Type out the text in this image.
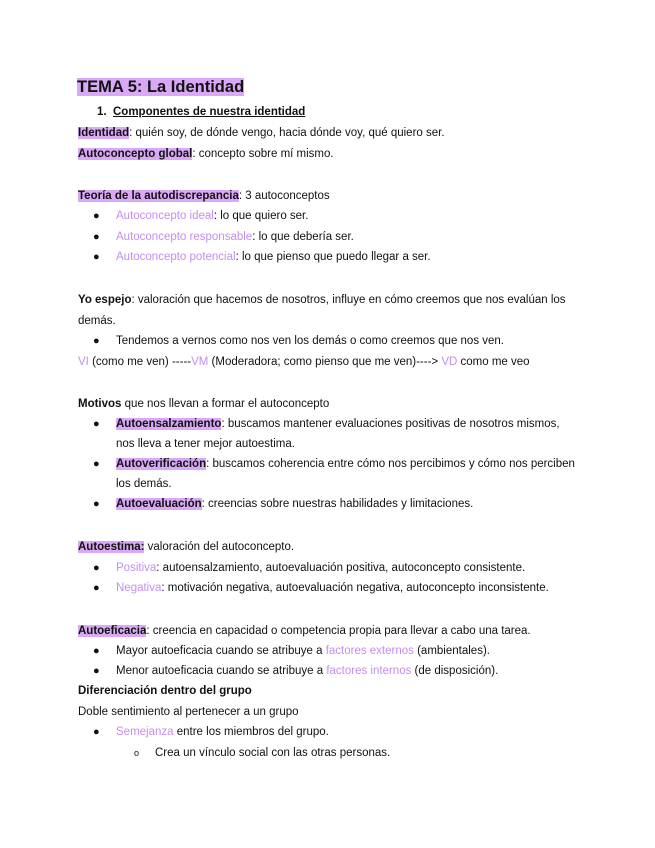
TEMA 5: La Identidad
1. Componentes de nuestra identidad
Identidad: quién soy, de dónde vengo, hacia dónde voy, qué quiero ser.
Autoconcepto global: concepto sobre mí mismo.
Teoría de la autodiscrepancia: 3 autoconceptos
● Autoconcepto ideal: lo que quiero ser.
● Autoconcepto responsable: lo que debería ser.
● Autoconcepto potencial: lo que pienso que puedo llegar a ser.
Yo espejo: valoración que hacemos de nosotros, influye en cómo creemos que nos evalúan los
demás.
● Tendemos a vernos como nos ven los demás o como creemos que nos ven.
VI (como me ven) -----VM (Moderadora; como pienso que me ven)----> VD como me veo
Motivos que nos llevan a formar el autoconcepto
● Autoensalzamiento: buscamos mantener evaluaciones positivas de nosotros mismos,
nos lleva a tener mejor autoestima.
● Autoverificación: buscamos coherencia entre cómo nos percibimos y cómo nos perciben
los demás.
● Autoevaluación: creencias sobre nuestras habilidades y limitaciones.
Autoestima: valoración del autoconcepto.
● Positiva: autoensalzamiento, autoevaluación positiva, autoconcepto consistente.
● Negativa: motivación negativa, autoevaluación negativa, autoconcepto inconsistente.
Autoeficacia: creencia en capacidad o competencia propia para llevar a cabo una tarea.
● Mayor autoeficacia cuando se atribuye a factores externos (ambientales).
● Menor autoeficacia cuando se atribuye a factores internos (de disposición).
Diferenciación dentro del grupo
Doble sentimiento al pertenecer a un grupo
● Semejanza entre los miembros del grupo.
o Crea un vínculo social con las otras personas.
